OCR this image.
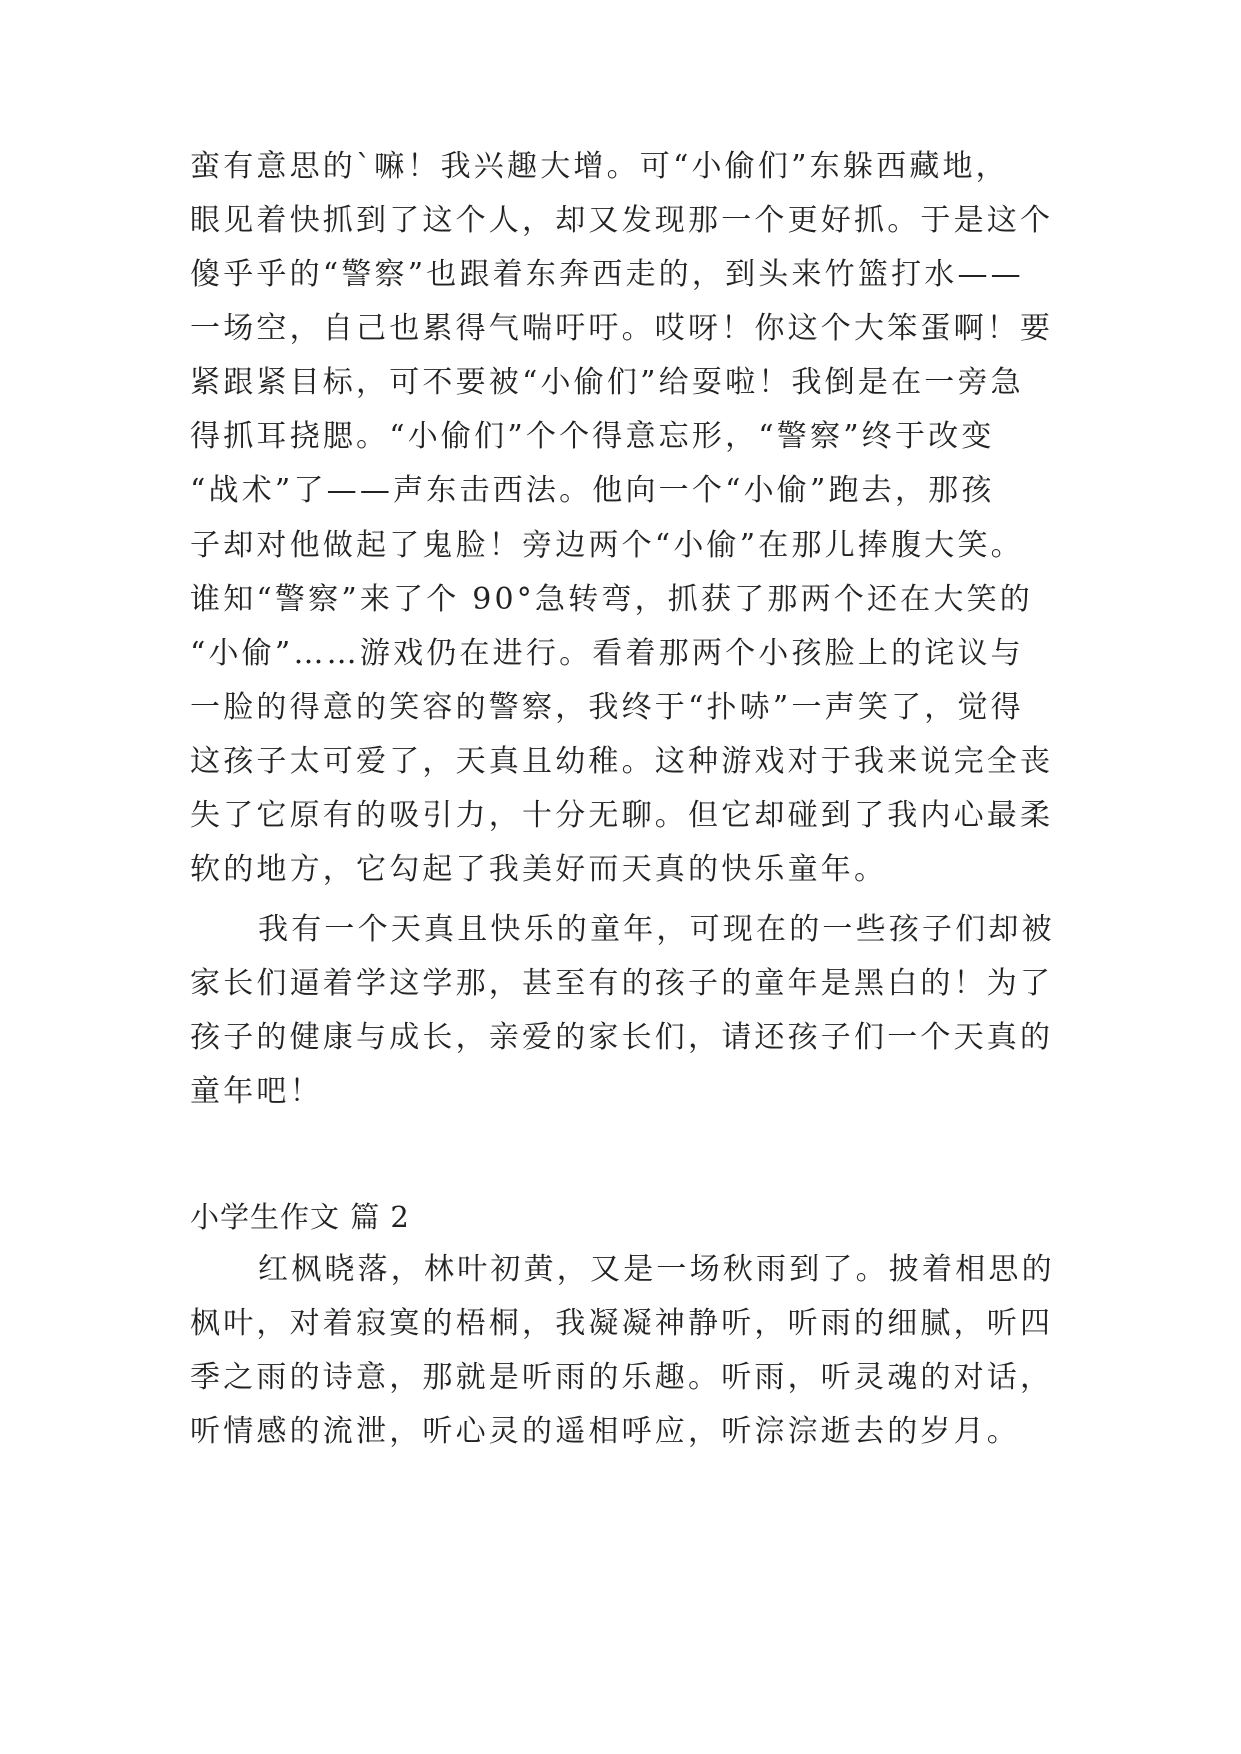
蛮有意思的`嘛！我兴趣大增。可“小偷们”东躲西藏地，
眼见着快抓到了这个人，却又发现那一个更好抓。于是这个
傻乎乎的“警察”也跟着东奔西走的，到头来竹篮打水——
一场空，自己也累得气喘吁吁。哎呀！你这个大笨蛋啊！要
紧跟紧目标，可不要被“小偷们”给耍啦！我倒是在一旁急
得抓耳挠腮。“小偷们”个个得意忘形，“警察”终于改变
“战术”了——声东击西法。他向一个“小偷”跑去，那孩
子却对他做起了鬼脸！旁边两个“小偷”在那儿捧腹大笑。
谁知“警察”来了个 90°急转弯，抓获了那两个还在大笑的
“小偷”……游戏仍在进行。看着那两个小孩脸上的诧议与
一脸的得意的笑容的警察，我终于“扑哧”一声笑了，觉得
这孩子太可爱了，天真且幼稚。这种游戏对于我来说完全丧
失了它原有的吸引力，十分无聊。但它却碰到了我内心最柔
软的地方，它勾起了我美好而天真的快乐童年。
我有一个天真且快乐的童年，可现在的一些孩子们却被
家长们逼着学这学那，甚至有的孩子的童年是黑白的！为了
孩子的健康与成长，亲爱的家长们，请还孩子们一个天真的
童年吧！
小学生作文 篇 2
红枫晓落，林叶初黄，又是一场秋雨到了。披着相思的
枫叶，对着寂寞的梧桐，我凝凝神静听，听雨的细腻，听四
季之雨的诗意，那就是听雨的乐趣。听雨，听灵魂的对话，
听情感的流泄，听心灵的遥相呼应，听淙淙逝去的岁月。
